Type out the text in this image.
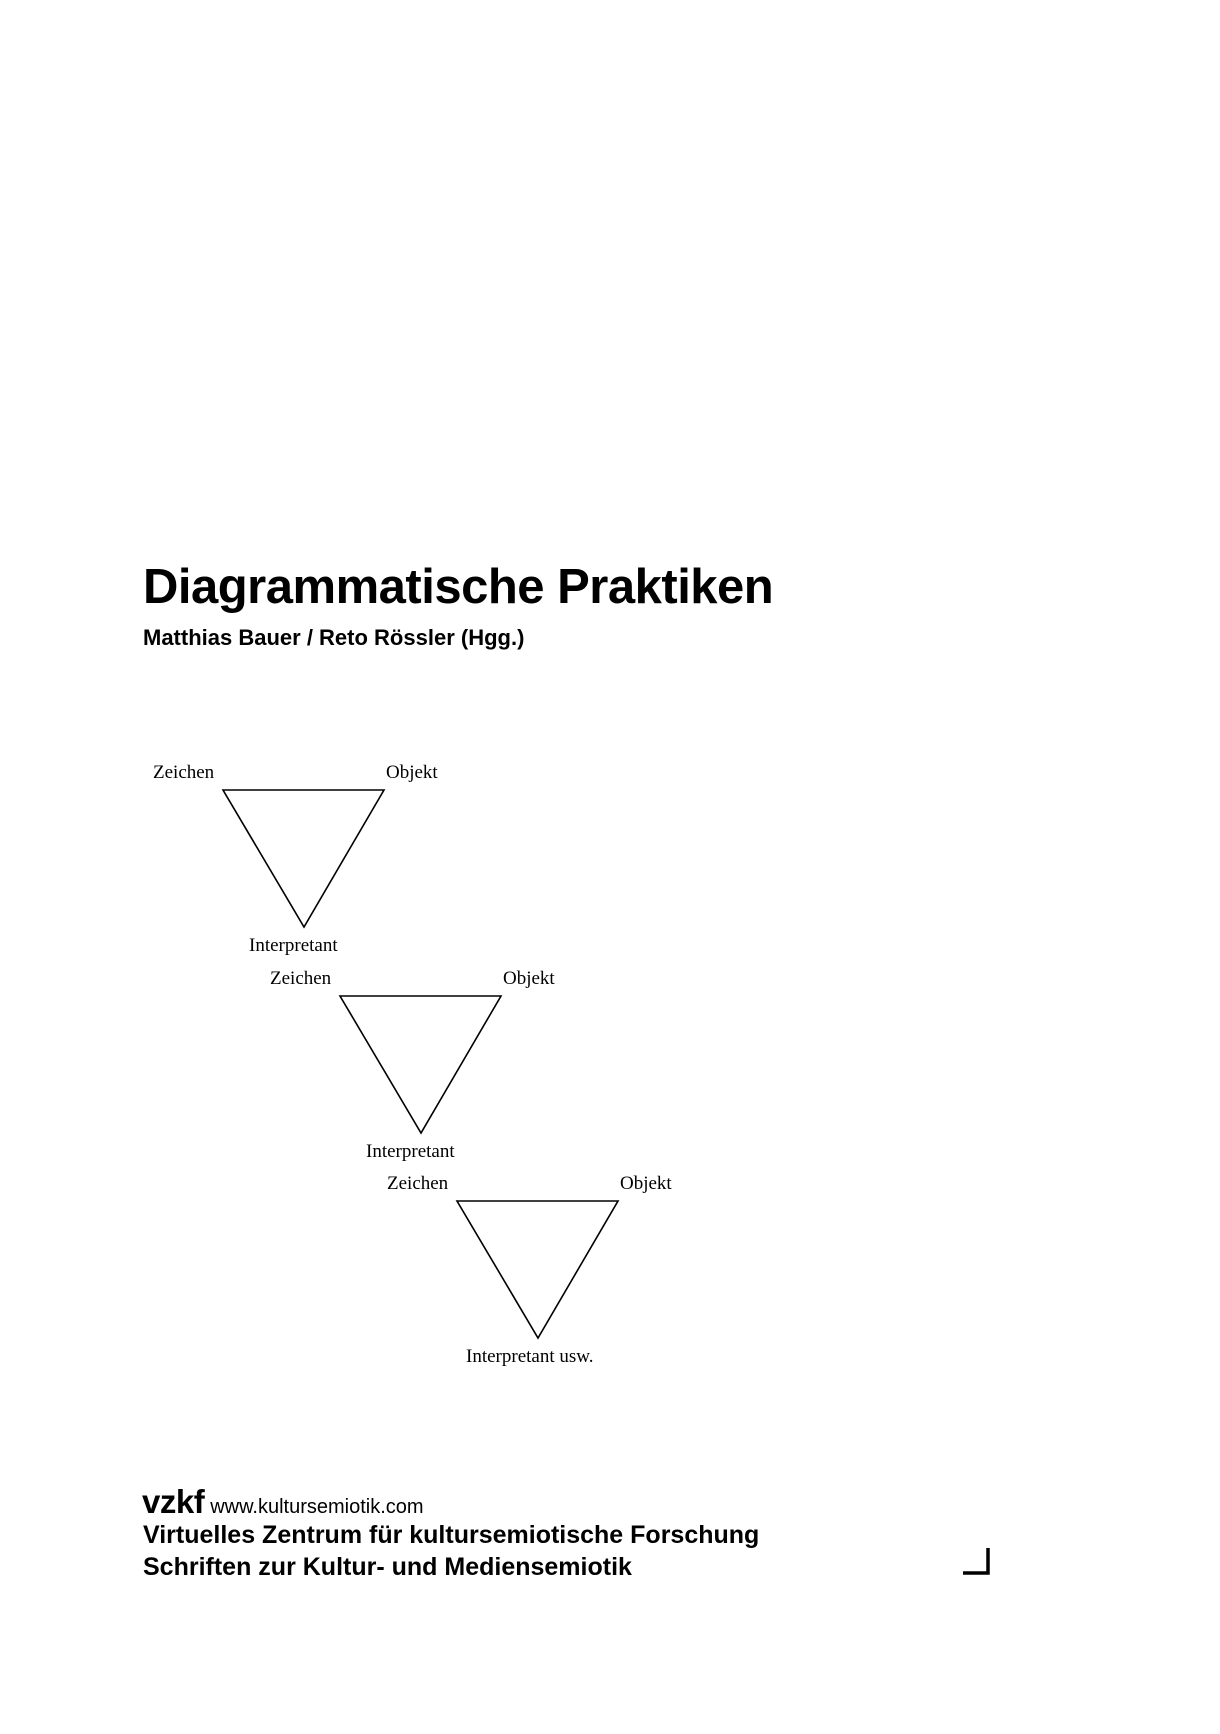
Diagrammatische Praktiken
Matthias Bauer / Reto Rössler (Hgg.)
Zeichen	Objekt
Interpretant
Zeichen	Objekt
Interpretant
Zeichen	Objekt
Interpretant usw.
vzkf www.kultursemiotik.com
Virtuelles Zentrum für kultursemiotische Forschung
Schriften zur Kultur- und Mediensemiotik
